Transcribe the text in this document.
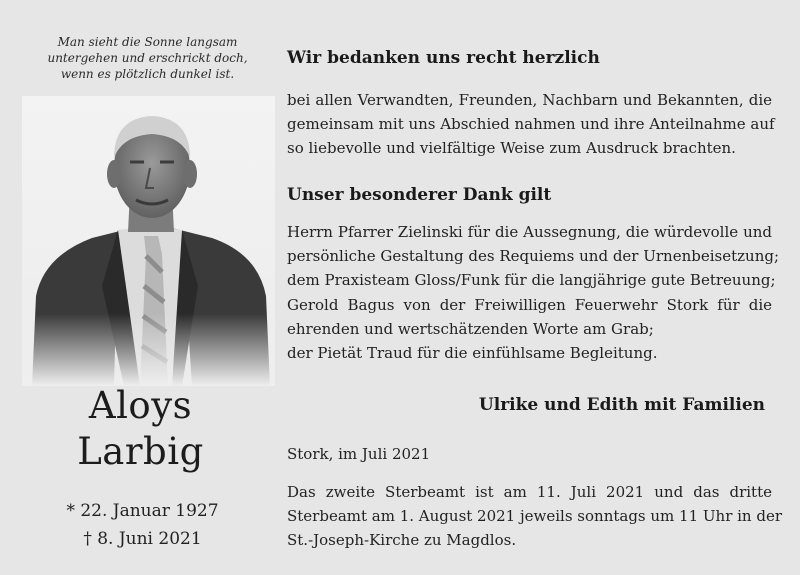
Man sieht die Sonne langsam
untergehen und erschrickt doch,
wenn es plötzlich dunkel ist.
Aloys
Larbig
* 22. Januar 1927
† 8. Juni 2021
Wir bedanken uns recht herzlich
bei allen Verwandten, Freunden, Nachbarn und Bekannten, die
gemeinsam mit uns Abschied nahmen und ihre Anteilnahme auf
so liebevolle und vielfältige Weise zum Ausdruck brachten.
Unser besonderer Dank gilt
Herrn Pfarrer Zielinski für die Aussegnung, die würdevolle und
persönliche Gestaltung des Requiems und der Urnenbeisetzung;
dem Praxisteam Gloss/Funk für die langjährige gute Betreuung;
Gerold Bagus von der Freiwilligen Feuerwehr Stork für die
ehrenden und wertschätzenden Worte am Grab;
der Pietät Traud für die einfühlsame Begleitung.
Ulrike und Edith mit Familien
Stork, im Juli 2021
Das zweite Sterbeamt ist am 11. Juli 2021 und das dritte
Sterbeamt am 1. August 2021 jeweils sonntags um 11 Uhr in der
St.-Joseph-Kirche zu Magdlos.
